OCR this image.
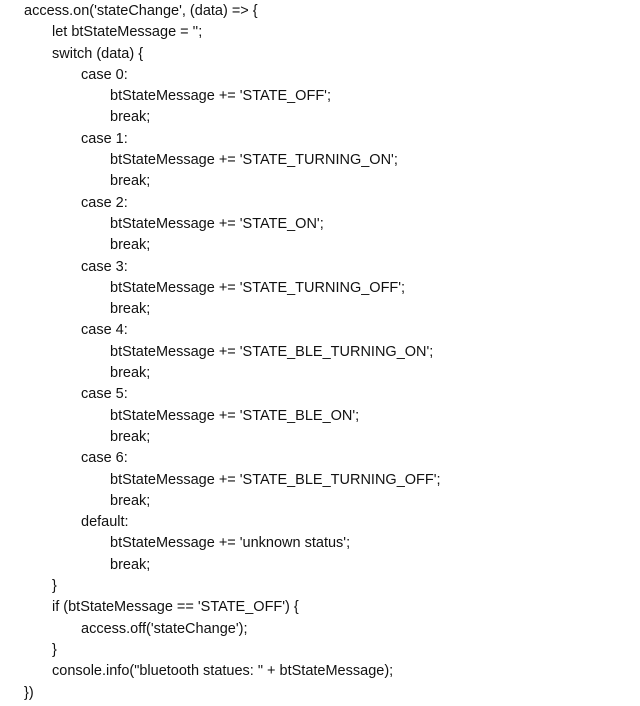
access.on('stateChange', (data) => {
let btStateMessage = '';
switch (data) {
case 0:
btStateMessage += 'STATE_OFF';
break;
case 1:
btStateMessage += 'STATE_TURNING_ON';
break;
case 2:
btStateMessage += 'STATE_ON';
break;
case 3:
btStateMessage += 'STATE_TURNING_OFF';
break;
case 4:
btStateMessage += 'STATE_BLE_TURNING_ON';
break;
case 5:
btStateMessage += 'STATE_BLE_ON';
break;
case 6:
btStateMessage += 'STATE_BLE_TURNING_OFF';
break;
default:
btStateMessage += 'unknown status';
break;
}
if (btStateMessage == 'STATE_OFF') {
access.off('stateChange');
}
console.info("bluetooth statues: " + btStateMessage);
})
